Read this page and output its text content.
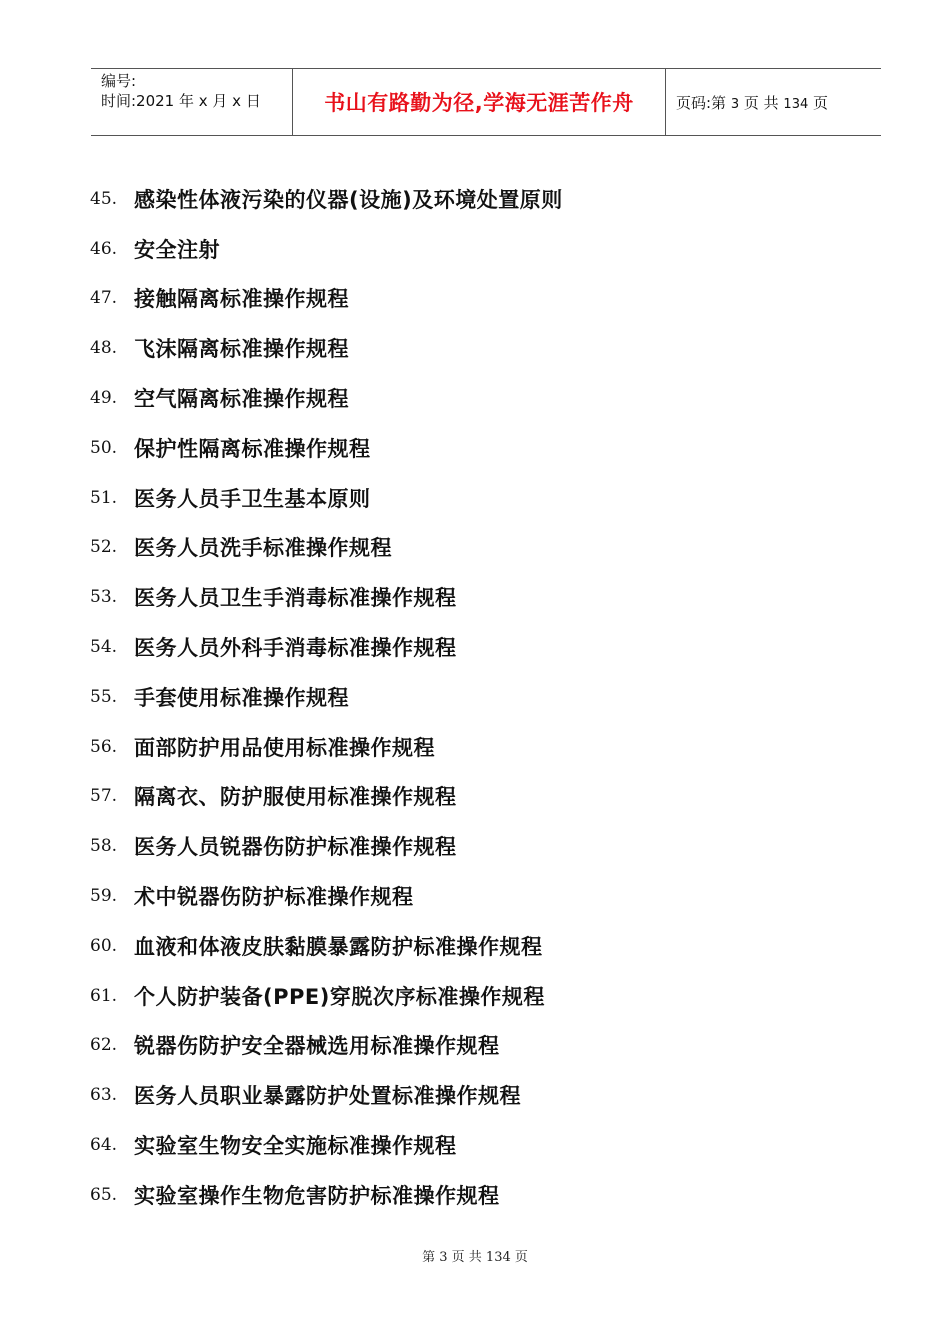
编号:
时间:2021 年 x 月 x 日	书山有路勤为径,学海无涯苦作舟	页码:第 3 页 共 134 页
45. 感染性体液污染的仪器(设施)及环境处置原则
46. 安全注射
47. 接触隔离标准操作规程
48. 飞沫隔离标准操作规程
49. 空气隔离标准操作规程
50. 保护性隔离标准操作规程
51. 医务人员手卫生基本原则
52. 医务人员洗手标准操作规程
53. 医务人员卫生手消毒标准操作规程
54. 医务人员外科手消毒标准操作规程
55. 手套使用标准操作规程
56. 面部防护用品使用标准操作规程
57. 隔离衣、防护服使用标准操作规程
58. 医务人员锐器伤防护标准操作规程
59. 术中锐器伤防护标准操作规程
60. 血液和体液皮肤黏膜暴露防护标准操作规程
61. 个人防护装备(PPE)穿脱次序标准操作规程
62. 锐器伤防护安全器械选用标准操作规程
63. 医务人员职业暴露防护处置标准操作规程
64. 实验室生物安全实施标准操作规程
65. 实验室操作生物危害防护标准操作规程
第 3 页 共 134 页
